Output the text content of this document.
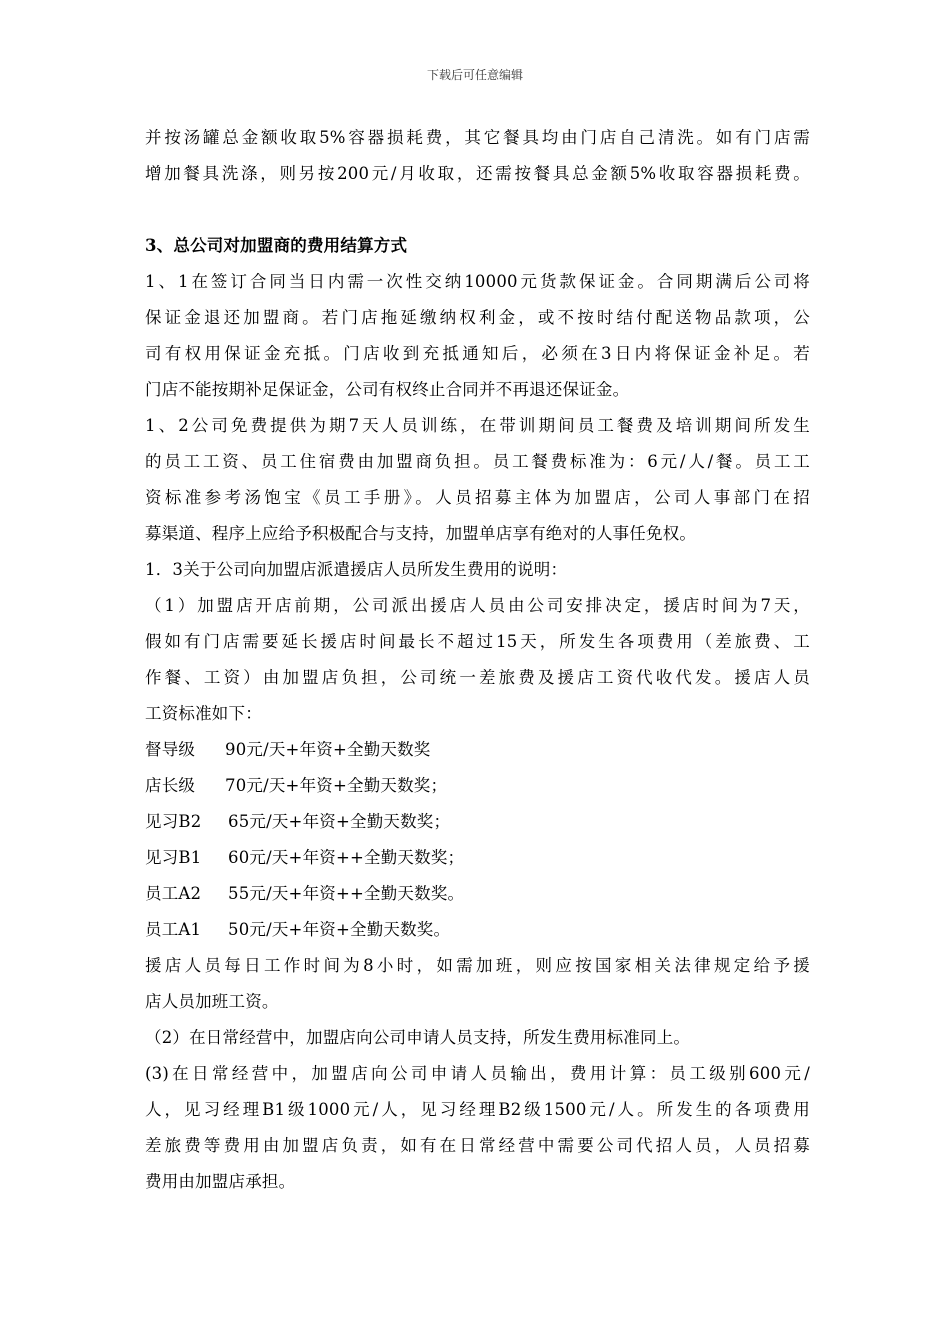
下载后可任意编辑
并按汤罐总金额收取5%容器损耗费，其它餐具均由门店自己清洗。如有门店需
增加餐具洗涤，则另按200元/月收取，还需按餐具总金额5%收取容器损耗费。
3、总公司对加盟商的费用结算方式
1、1在签订合同当日内需一次性交纳10000元货款保证金。合同期满后公司将
保证金退还加盟商。若门店拖延缴纳权利金，或不按时结付配送物品款项，公
司有权用保证金充抵。门店收到充抵通知后，必须在3日内将保证金补足。若
门店不能按期补足保证金，公司有权终止合同并不再退还保证金。
1、2公司免费提供为期7天人员训练，在带训期间员工餐费及培训期间所发生
的员工工资、员工住宿费由加盟商负担。员工餐费标准为：6元/人/餐。员工工
资标准参考汤饱宝《员工手册》。人员招募主体为加盟店，公司人事部门在招
募渠道、程序上应给予积极配合与支持，加盟单店享有绝对的人事任免权。
1．3关于公司向加盟店派遣援店人员所发生费用的说明：
（1）加盟店开店前期，公司派出援店人员由公司安排决定，援店时间为7天，
假如有门店需要延长援店时间最长不超过15天，所发生各项费用（差旅费、工
作餐、工资）由加盟店负担，公司统一差旅费及援店工资代收代发。援店人员
工资标准如下：
督导级 90元/天+年资+全勤天数奖
店长级 70元/天+年资+全勤天数奖；
见习B2 65元/天+年资+全勤天数奖；
见习B1 60元/天+年资++全勤天数奖；
员工A2 55元/天+年资++全勤天数奖。
员工A1 50元/天+年资+全勤天数奖。
援店人员每日工作时间为8小时，如需加班，则应按国家相关法律规定给予援
店人员加班工资。
（2）在日常经营中，加盟店向公司申请人员支持，所发生费用标准同上。
(3)在日常经营中，加盟店向公司申请人员输出，费用计算：员工级别600元/
人，见习经理B1级1000元/人，见习经理B2级1500元/人。所发生的各项费用
差旅费等费用由加盟店负责，如有在日常经营中需要公司代招人员，人员招募
费用由加盟店承担。
